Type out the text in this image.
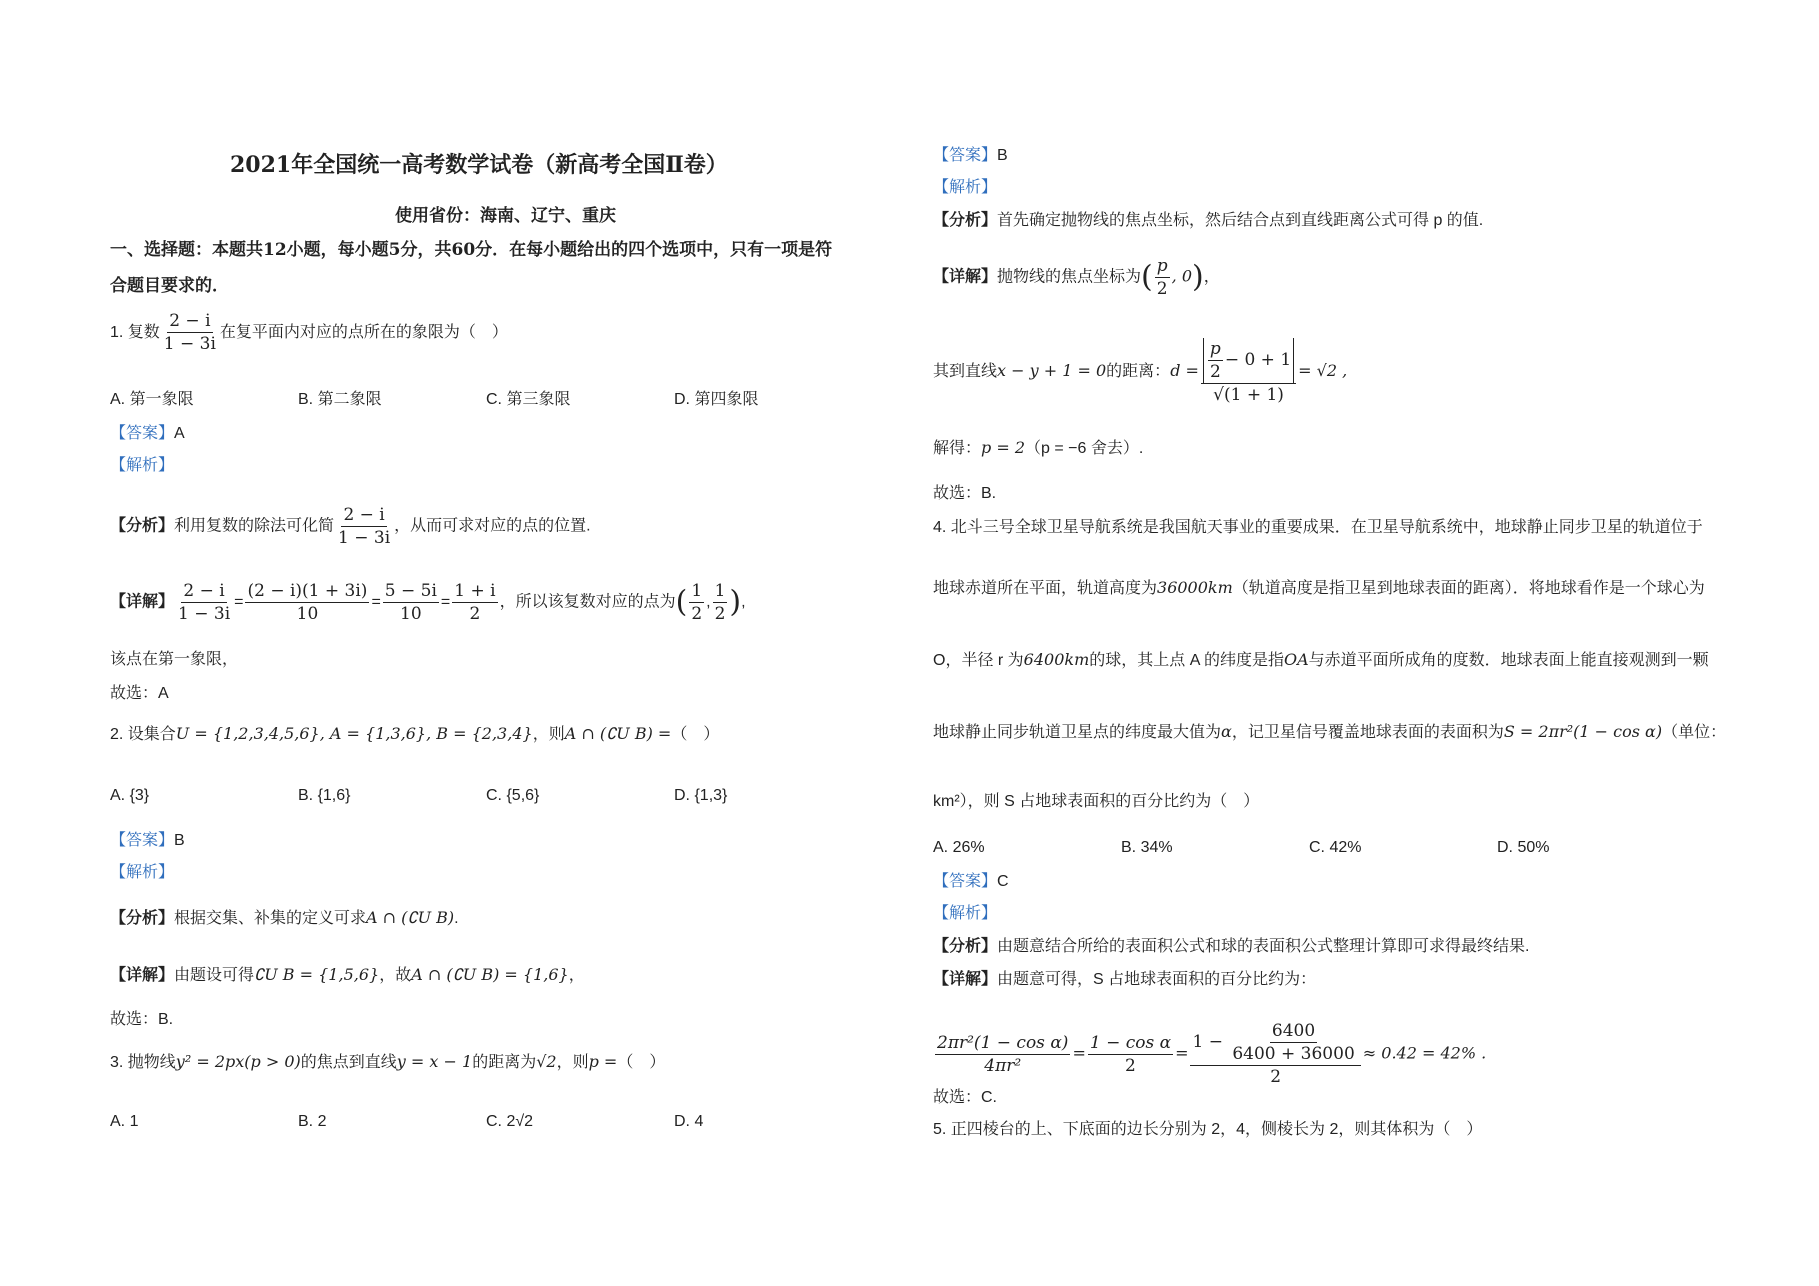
2021年全国统一高考数学试卷（新高考全国Ⅱ卷）
使用省份：海南、辽宁、重庆
一、选择题：本题共12小题，每小题5分，共60分．在每小题给出的四个选项中，只有一项是符
合题目要求的．
1. 复数 $\frac{2 - i}{1 - 3i}$ 在复平面内对应的点所在的象限为（　）
A. 第一象限	B. 第二象限	C. 第三象限	D. 第四象限
【答案】A
【解析】
【分析】利用复数的除法可化简 $\frac{2 - i}{1 - 3i}$ ，从而可求对应的点的位置.
【详解】 $\frac{2 - i}{1 - 3i} = \frac{(2 - i)(1 + 3i)}{10} = \frac{5 - 5i}{10} = \frac{1 + i}{2}$ ，所以该复数对应的点为( $\frac{1}{2}$ , $\frac{1}{2}$ ),
该点在第一象限，
故选：A
2. 设集合U = {1,2,3,4,5,6}, A = {1,3,6}, B = {2,3,4}，则A ∩ (∁U B) =（　）
A. {3}	B. {1,6}	C. {5,6}	D. {1,3}
【答案】B
【解析】
【分析】根据交集、补集的定义可求A ∩ (∁U B).
【详解】由题设可得∁U B = {1,5,6}，故A ∩ (∁U B) = {1,6}，
故选：B.
3. 抛物线y² = 2px(p > 0)的焦点到直线y = x − 1的距离为√2，则p =（　）
A. 1	B. 2	C. 2√2	D. 4
【答案】B
【解析】
【分析】首先确定抛物线的焦点坐标，然后结合点到直线距离公式可得 p 的值.
【详解】抛物线的焦点坐标为( $\frac{p}{2}$ , 0)，
其到直线x − y + 1 = 0的距离：$d = \frac{\frac{p}{2} - 0 + 1}{√(1 + 1)} = √2$ ,
解得：p = 2（p = −6 舍去）.
故选：B.
4. 北斗三号全球卫星导航系统是我国航天事业的重要成果．在卫星导航系统中，地球静止同步卫星的轨道位于
地球赤道所在平面，轨道高度为36000km（轨道高度是指卫星到地球表面的距离）．将地球看作是一个球心为
O，半径 r 为6400km的球，其上点 A 的纬度是指OA与赤道平面所成角的度数．地球表面上能直接观测到一颗
地球静止同步轨道卫星点的纬度最大值为α，记卫星信号覆盖地球表面的表面积为S = 2πr²(1 − cos α)（单位：
km²），则 S 占地球表面积的百分比约为（　）
A. 26%	B. 34%	C. 42%	D. 50%
【答案】C
【解析】
【分析】由题意结合所给的表面积公式和球的表面积公式整理计算即可求得最终结果.
【详解】由题意可得，S 占地球表面积的百分比约为：
$\frac{\text{2πr²(1 − cos α)}}{\text{4πr²}} = \frac{\text{1 − cos α}}{2} = \frac{1 - \frac{6400}{6400 + 36000}}{2} \approx 0.42 = 42\%$ .
故选：C.
5. 正四棱台的上、下底面的边长分别为 2，4，侧棱长为 2，则其体积为（　）
